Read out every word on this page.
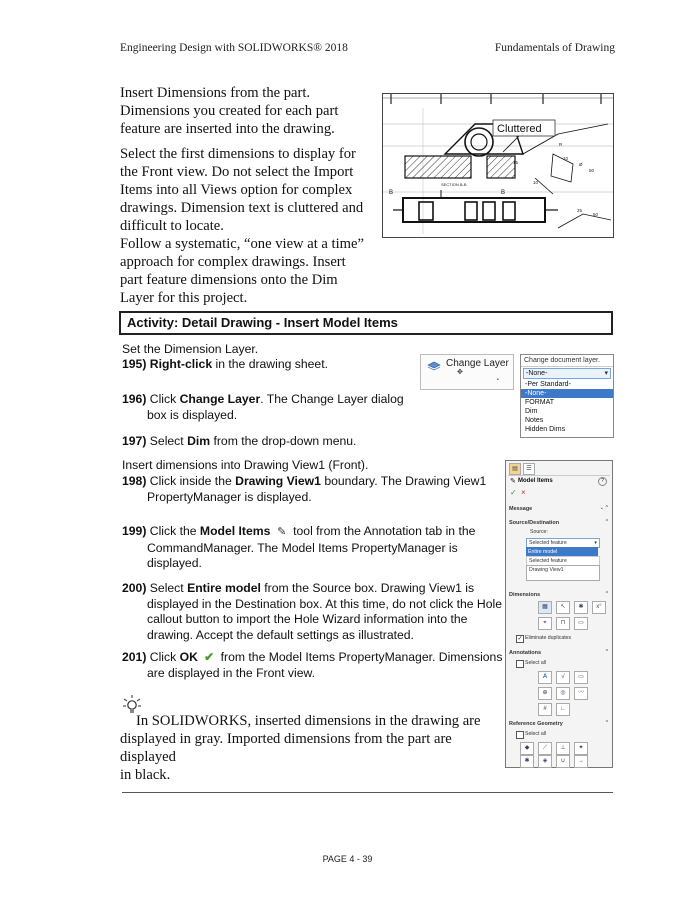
Engineering Design with SOLIDWORKS® 2018	Fundamentals of Drawing

Insert Dimensions from the part. Dimensions you created for each part feature are inserted into the drawing.

Select the first dimensions to display for the Front view. Do not select the Import Items into all Views option for complex drawings. Dimension text is cluttered and difficult to locate.

Follow a systematic, “one view at a time” approach for complex drawings. Insert part feature dimensions onto the Dim Layer for this project.

Cluttered
B	B
R
10
Ø
50
25
50
10
15
SECTION B-B
Activity: Detail Drawing - Insert Model Items
Set the Dimension Layer.
195) Right-click in the drawing sheet.
196) Click Change Layer. The Change Layer dialog
box is displayed.
197) Select Dim from the drop-down menu.
Insert dimensions into Drawing View1 (Front).
198) Click inside the Drawing View1 boundary. The Drawing View1
PropertyManager is displayed.
199) Click the Model Items ✎ tool from the Annotation tab in the
CommandManager. The Model Items PropertyManager is
displayed.
200) Select Entire model from the Source box. Drawing View1 is
displayed in the Destination box. At this time, do not click the Hole
callout button to import the Hole Wizard information into the
drawing. Accept the default settings as illustrated.
201) Click OK ✔ from the Model Items PropertyManager. Dimensions
are displayed in the Front view.
In SOLIDWORKS, inserted dimensions in the drawing are
displayed in gray. Imported dimensions from the part are displayed
in black.
Change Layer
✥
•
Change document layer.
-None-	▾
-Per Standard-
-None-
FORMAT
Dim
Notes
Hidden Dims
▤	☰
✎ Model Items	?
✓ ×
Message	⌄ ^
Source/Destination	^
Source:
Selected feature	▾
Entire model
Selected feature
Drawing View1
Dimensions	^
▦	↖	✱	x°
⌖	⊓	▭
✓ Eliminate duplicates
Annotations	^
Select all
A	√	▭
⊕	◎	〰
#	∟
Reference Geometry	^
Select all
◆	⟋	⊥	✦
✱	◈	∪	→
PAGE 4 - 39
